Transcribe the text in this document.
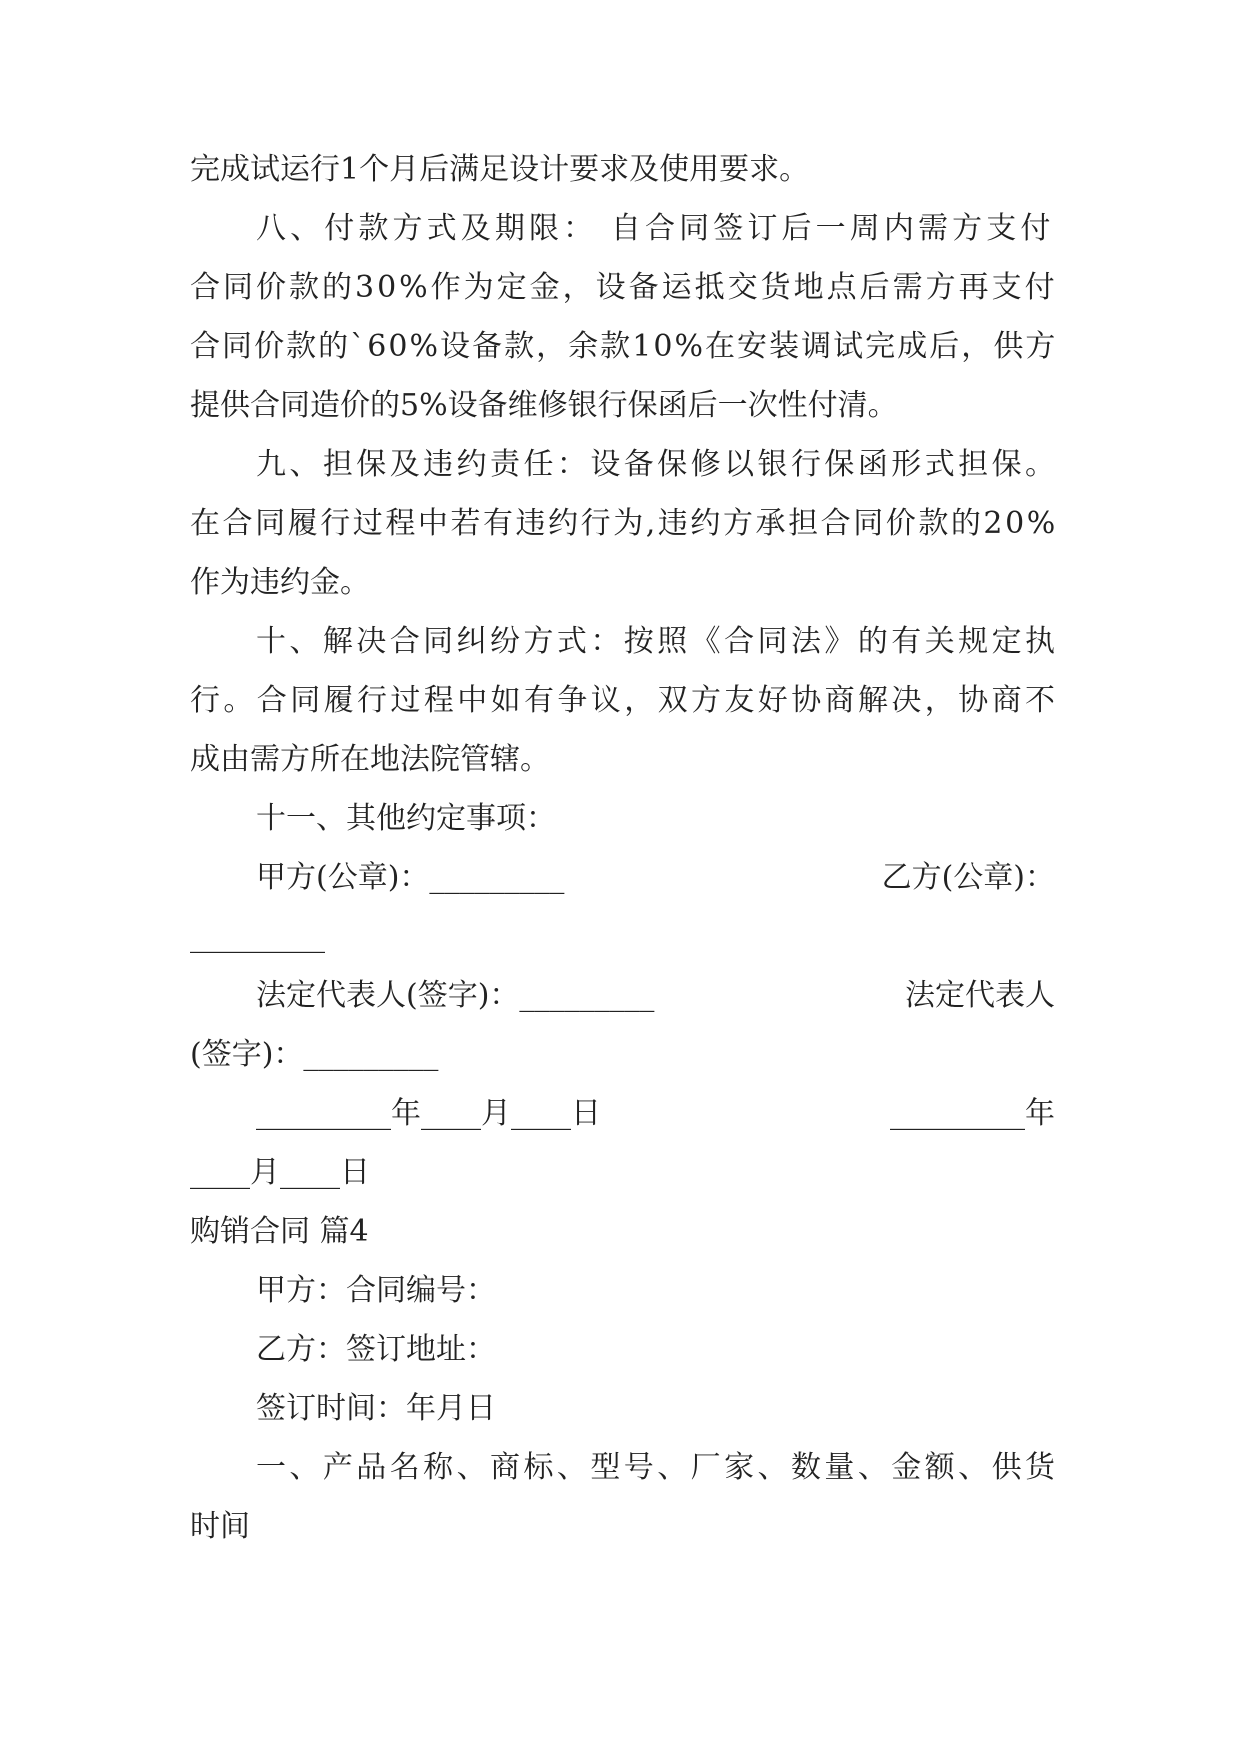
完成试运行1个月后满足设计要求及使用要求。
八、付款方式及期限： 自合同签订后一周内需方支付
合同价款的30%作为定金，设备运抵交货地点后需方再支付
合同价款的`60%设备款，余款10%在安装调试完成后，供方
提供合同造价的5%设备维修银行保函后一次性付清。
九、担保及违约责任：设备保修以银行保函形式担保。
在合同履行过程中若有违约行为,违约方承担合同价款的20%
作为违约金。
十、解决合同纠纷方式：按照《合同法》的有关规定执
行。合同履行过程中如有争议，双方友好协商解决，协商不
成由需方所在地法院管辖。
十一、其他约定事项：
甲方(公章)：_________	乙方(公章)：
_________
法定代表人(签字)：_________	法定代表人
(签字)：_________
_________年____月____日	_________年
____月____日
购销合同 篇4
甲方：合同编号：
乙方：签订地址：
签订时间：年月日
一、产品名称、商标、型号、厂家、数量、金额、供货
时间
